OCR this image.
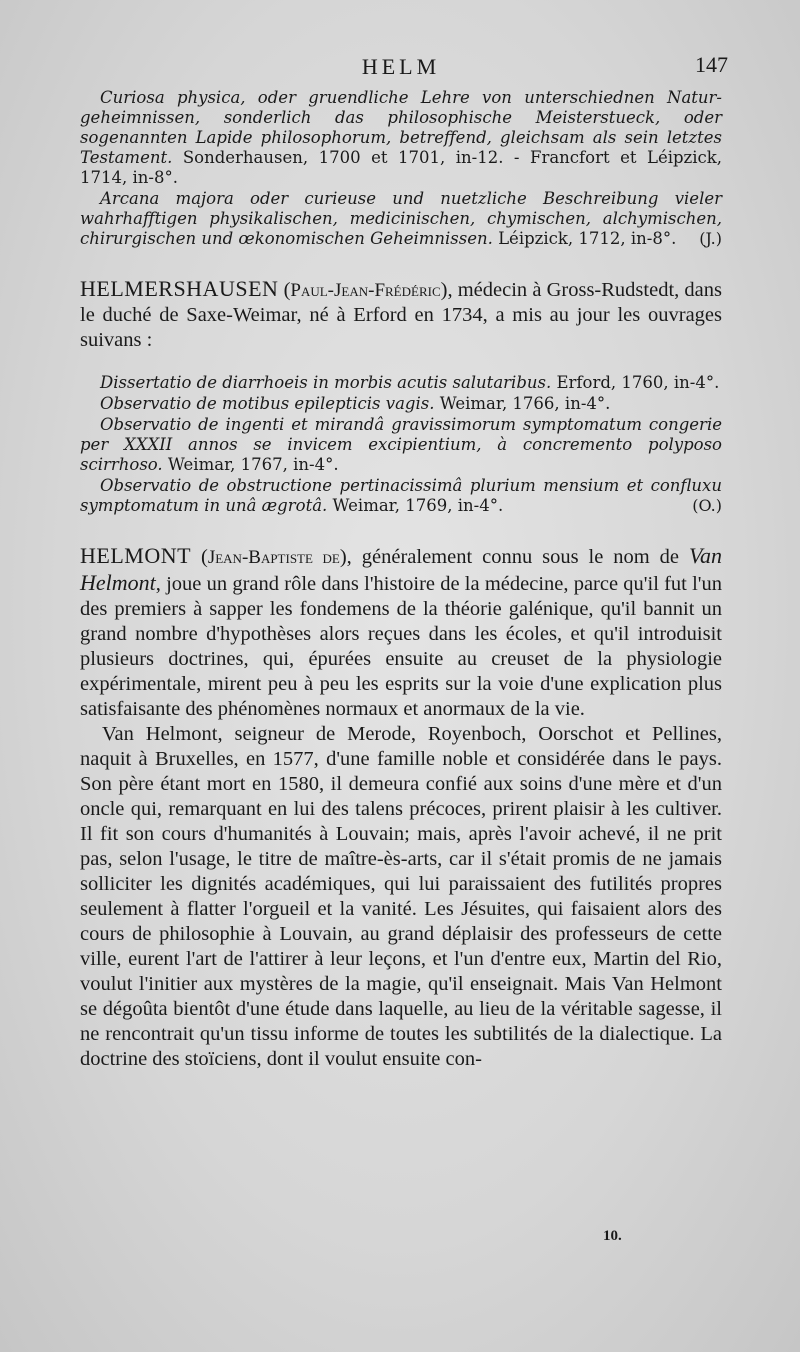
HELM	147

Curiosa physica, oder gruendliche Lehre von unterschiednen Natur-geheimnissen, sonderlich das philosophische Meisterstueck, oder sogenannten Lapide philosophorum, betreffend, gleichsam als sein letztes Testament. Sonderhausen, 1700 et 1701, in-12. - Francfort et Léipzick, 1714, in-8°.

Arcana majora oder curieuse und nuetzliche Beschreibung vieler wahrhafftigen physikalischen, medicinischen, chymischen, alchymischen, chirurgischen und œkonomischen Geheimnissen. Léipzick, 1712, in-8°.	(J.)

HELMERSHAUSEN (Paul-Jean-Frédéric), médecin à Gross-Rudstedt, dans le duché de Saxe-Weimar, né à Erford en 1734, a mis au jour les ouvrages suivans :

Dissertatio de diarrhoeis in morbis acutis salutaribus. Erford, 1760, in-4°.

Observatio de motibus epilepticis vagis. Weimar, 1766, in-4°.

Observatio de ingenti et mirandâ gravissimorum symptomatum congerie per XXXII annos se invicem excipientium, à concremento polyposo scirrhoso. Weimar, 1767, in-4°.

Observatio de obstructione pertinacissimâ plurium mensium et confluxu symptomatum in unâ ægrotâ. Weimar, 1769, in-4°.	(O.)

HELMONT (Jean-Baptiste de), généralement connu sous le nom de Van Helmont, joue un grand rôle dans l'histoire de la médecine, parce qu'il fut l'un des premiers à sapper les fondemens de la théorie galénique, qu'il bannit un grand nombre d'hypothèses alors reçues dans les écoles, et qu'il introduisit plusieurs doctrines, qui, épurées ensuite au creuset de la physiologie expérimentale, mirent peu à peu les esprits sur la voie d'une explication plus satisfaisante des phénomènes normaux et anormaux de la vie.

Van Helmont, seigneur de Merode, Royenboch, Oorschot et Pellines, naquit à Bruxelles, en 1577, d'une famille noble et considérée dans le pays. Son père étant mort en 1580, il demeura confié aux soins d'une mère et d'un oncle qui, remarquant en lui des talens précoces, prirent plaisir à les cultiver. Il fit son cours d'humanités à Louvain; mais, après l'avoir achevé, il ne prit pas, selon l'usage, le titre de maître-ès-arts, car il s'était promis de ne jamais solliciter les dignités académiques, qui lui paraissaient des futilités propres seulement à flatter l'orgueil et la vanité. Les Jésuites, qui faisaient alors des cours de philosophie à Louvain, au grand déplaisir des professeurs de cette ville, eurent l'art de l'attirer à leur leçons, et l'un d'entre eux, Martin del Rio, voulut l'initier aux mystères de la magie, qu'il enseignait. Mais Van Helmont se dégoûta bientôt d'une étude dans laquelle, au lieu de la véritable sagesse, il ne rencontrait qu'un tissu informe de toutes les subtilités de la dialectique. La doctrine des stoïciens, dont il voulut ensuite con-

10.
